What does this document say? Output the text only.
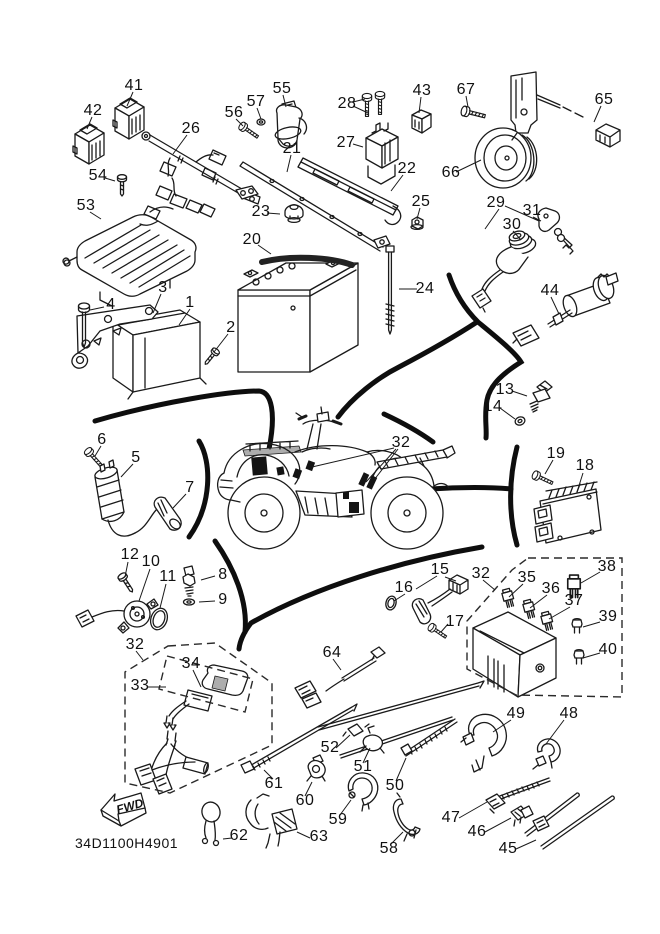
FWD
34D1100H4901
1
2
3
4
5
6
7
8
9
10
11
12
13
14
15
16
17
18
19
20
21
22
23
24
25
26
27
28
29
30
31
32
32
32
33
34
35
36
37
38
39
40
41
42
43
44
45
46
47
48
49
50
51
52
53
54
55
56
57
58
59
60
61
62	63
64
65
66
67
